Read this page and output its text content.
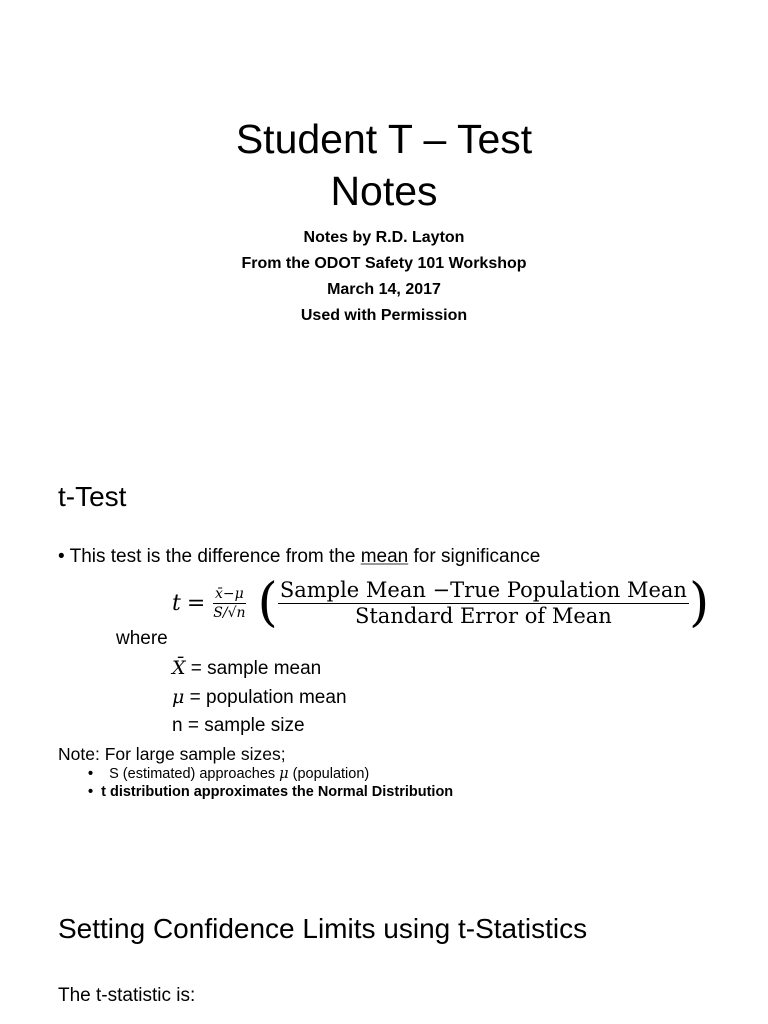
Student T – Test
Notes
Notes by R.D. Layton
From the ODOT Safety 101 Workshop
March 14, 2017
Used with Permission
t-Test
• This test is the difference from the mean for significance
$t = \frac{x̄-\mu}{S/√n}$ ( $\frac{\text{Sample Mean −True Population Mean}}{\text{Standard Error of Mean}}$ )
where
X̄ = sample mean
μ = population mean
n = sample size
Note: For large sample sizes;
• S (estimated) approaches μ (population)
• t distribution approximates the Normal Distribution
Setting Confidence Limits using t-Statistics
The t-statistic is:
